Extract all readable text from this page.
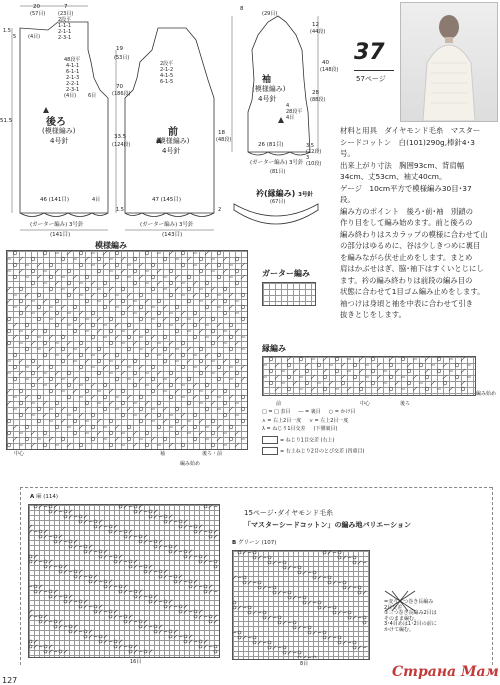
後ろ
(模様編み)
4号針
20	7
(57目)	(23目)
1.5
5 (4目)
2段平
1-1-1
2-1-1
2-3-1
48段平
4-1-1
6-1-1
2-1-3
2-2-1
2-3-1
(4目) 6目
51.5
46 (141目)
(141目)
4目
(ガーター編み) 3号針	(ガーター編み) 3号針
(ガーター編み) 3号針
前
(模様編み)
4号針
19
(53目)
70
(186段)
33.5
(124段)
18
(48段)
47 (145目)
(143目)
1.5	2
2段平
2-1-2
4-1-5
6-1-5	袖
(模様編み)
4号針
8
12
(44段)
40
(148段)
(29目)
28
(88段)
26 (81目)
(81目)
3.5
(12段)
3
(10段)
4
28段平
4目
衿(縁編み) 3号針
(67目)
37
57ページ
材料と用具　ダイヤモンド毛糸　マスター
シードコットン　白(101)290g,棒針4･3
号。
出来上がり寸法　胸囲93cm、背肩幅
34cm、丈53cm、袖丈40cm。
ゲージ　10cm平方で模様編み30目･37
段。
編み方のポイント　後ろ･前･袖　別鎖の
作り目をして編み始めます。前と後ろの
編み終わりはスカラップの模様に合わせて山
の部分はゆるめに、谷は少しきつめに裏目
を編みながら伏せ止めをします。まとめ
肩はかぶせはぎ、脇･袖下はすくいとじにし
ます。衿の編み終わりは前段の編み目の
状態に合わせて1目ゴム編み止めをします。
袖つけは身頃と袖を中表に合わせて引き
抜きとじをします。
模様編み
中心
編み始め
袖	後ろ・前
ガーター編み
縁編み
前	中心	後ろ
編み始め
□ = □ 表目 ― = 裏目 ○ = かけ目
⋏ = 右上2目一度 ⋎ = 左上2目一度
λ = ねじり1目交差 (下側裏目)
= ねじり1目交差 (右上)
= 右上ねじり2目のとび交差 (四重目)
A 麻 (114)
16目
15ページ･ダイヤモンド毛糸
「マスターシードコットン」の編み地バリエーション
B グリーン (107)
8目
=変り三つ巻き長編み
2目交差
①三つ巻き長編み2目は
そのまま編む。
3･4目めは1･2目の前に
かけて編む。
127
Страна Мам
